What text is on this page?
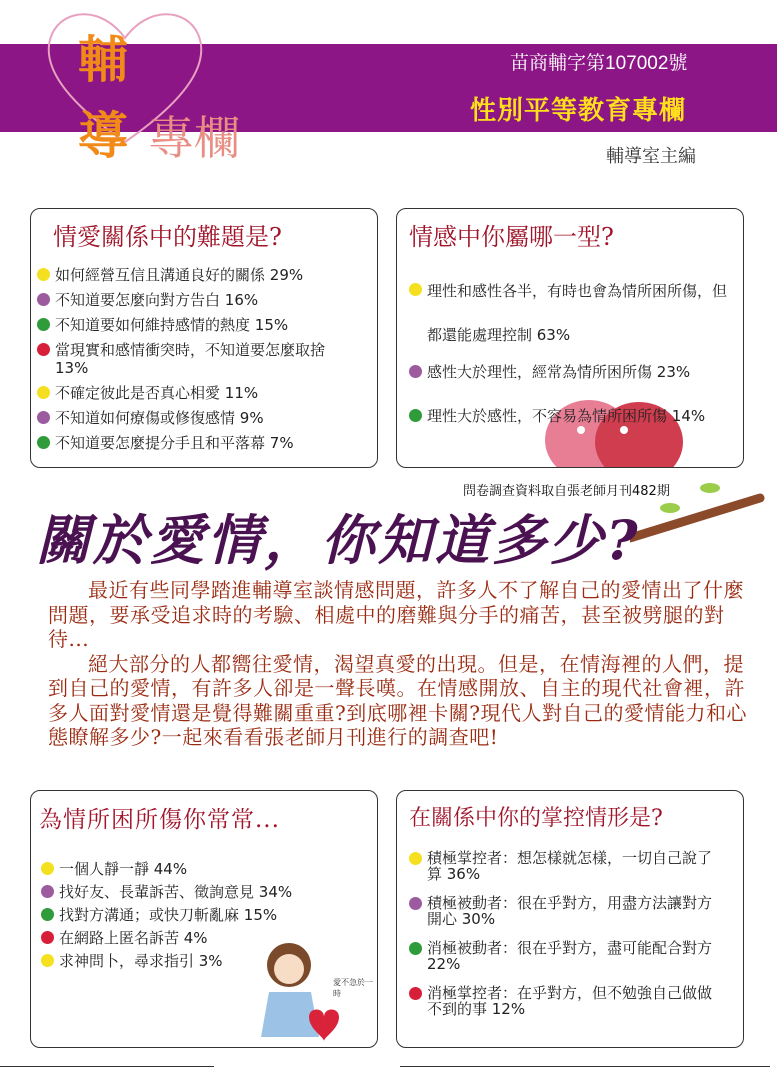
輔
導 專欄
苗商輔字第107002號
性別平等教育專欄
輔導室主編
情愛關係中的難題是?
如何經營互信且溝通良好的關係 29%
不知道要怎麼向對方告白 16%
不知道要如何維持感情的熱度 15%
當現實和感情衝突時，不知道要怎麼取捨 13%
不確定彼此是否真心相愛 11%
不知道如何療傷或修復感情 9%
不知道要怎麼提分手且和平落幕 7%
情感中你屬哪一型?
理性和感性各半，有時也會為情所困所傷，但都還能處理控制 63%
感性大於理性，經常為情所困所傷 23%
理性大於感性，不容易為情所困所傷 14%
問卷調查資料取自張老師月刊482期
關於愛情，你知道多少?

最近有些同學踏進輔導室談情感問題，許多人不了解自己的愛情出了什麼問題，要承受追求時的考驗、相處中的磨難與分手的痛苦，甚至被劈腿的對待...

絕大部分的人都嚮往愛情，渴望真愛的出現。但是，在情海裡的人們，提到自己的愛情，有許多人卻是一聲長嘆。在情感開放、自主的現代社會裡，許多人面對愛情還是覺得難關重重?到底哪裡卡關?現代人對自己的愛情能力和心態瞭解多少?一起來看看張老師月刊進行的調查吧!

為情所困所傷你常常...
一個人靜一靜 44%
找好友、長輩訴苦、徵詢意見 34%
找對方溝通；或快刀斬亂麻 15%
在網路上匿名訴苦 4%
求神問卜，尋求指引 3%
愛不急於一時
在關係中你的掌控情形是?
積極掌控者：想怎樣就怎樣，一切自己說了算 36%
積極被動者：很在乎對方，用盡方法讓對方開心 30%
消極被動者：很在乎對方，盡可能配合對方 22%
消極掌控者：在乎對方，但不勉強自己做做不到的事 12%
